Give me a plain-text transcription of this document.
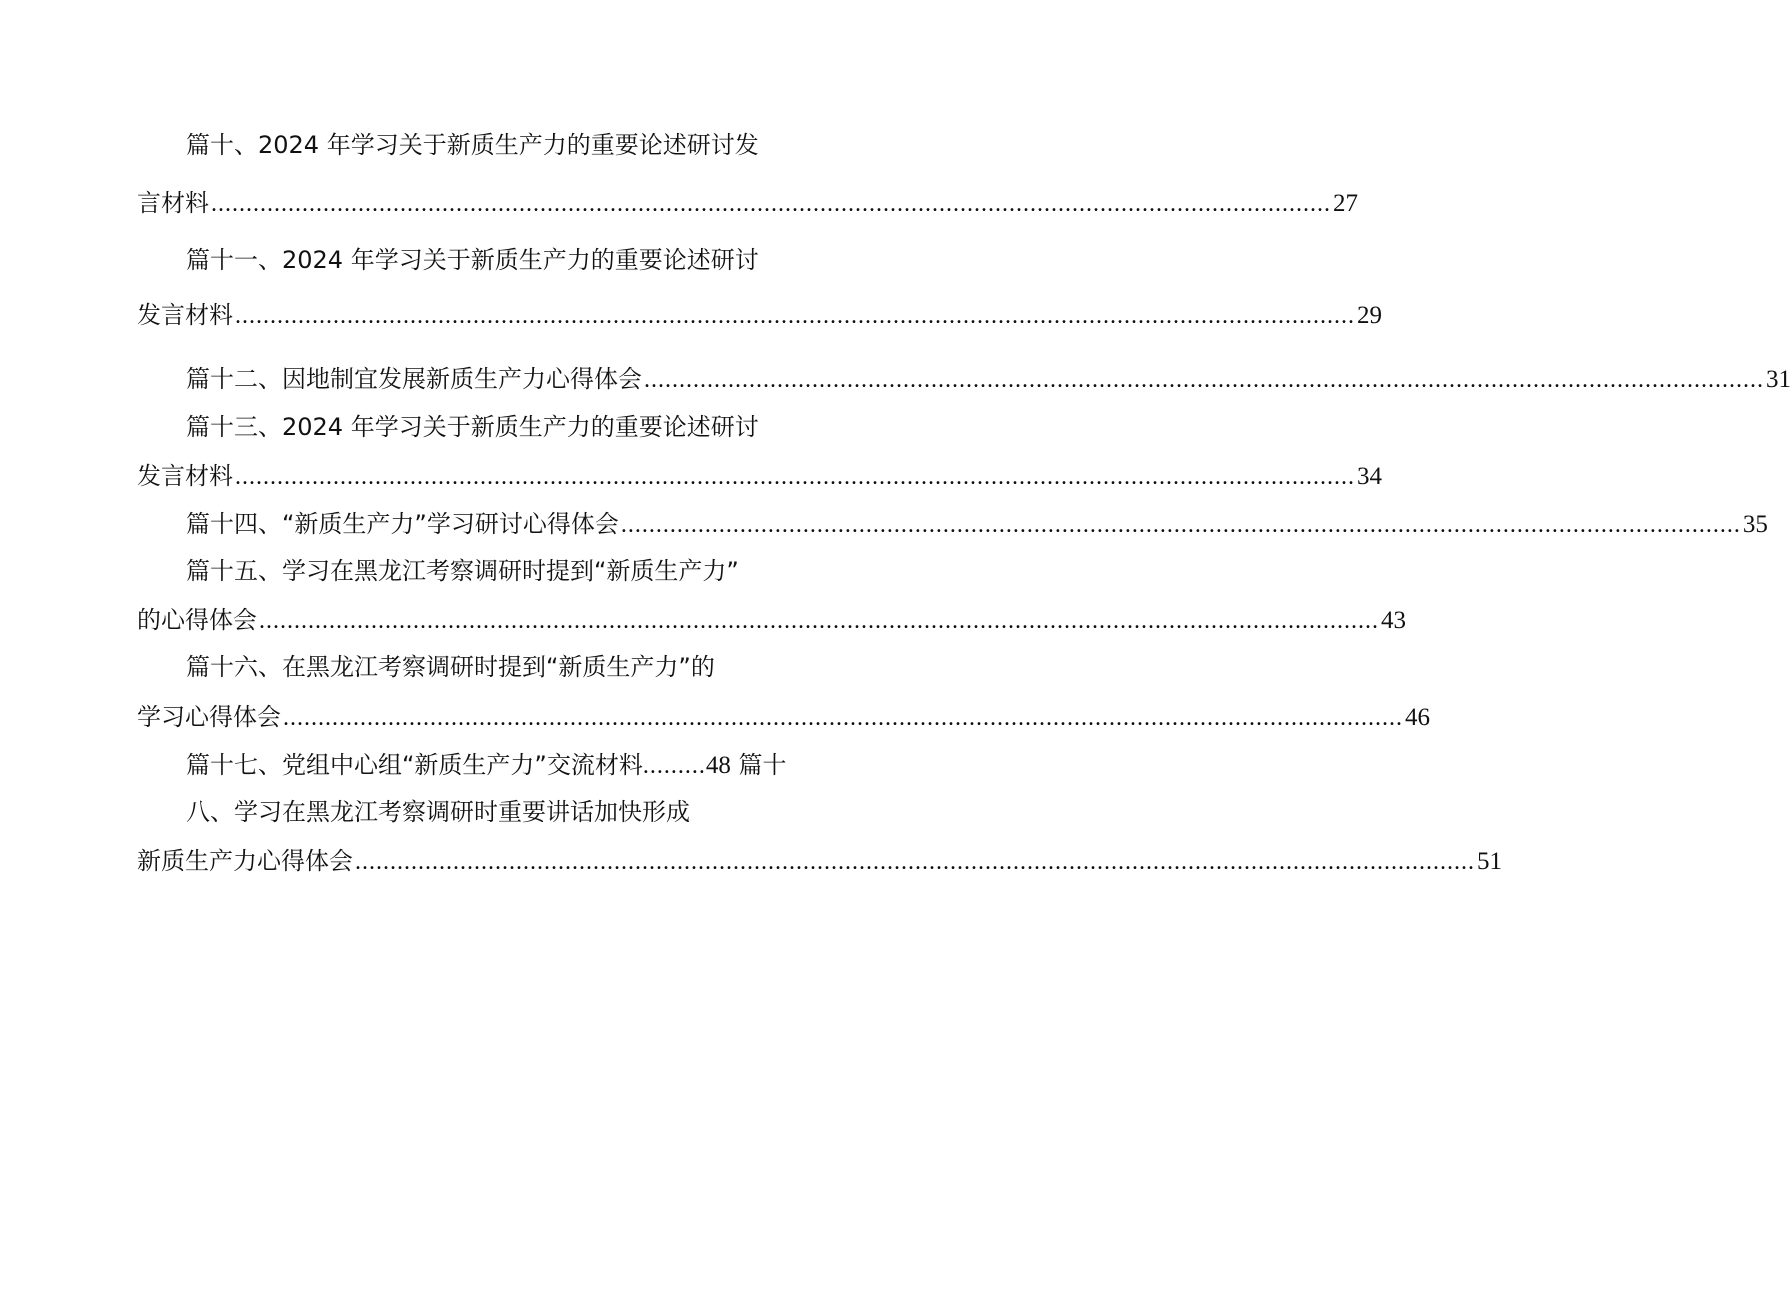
篇十、2024 年学习关于新质生产力的重要论述研讨发
言材料 ................................................................................................................................................................ 27
篇十一、2024 年学习关于新质生产力的重要论述研讨
发言材料 ................................................................................................................................................................ 29
篇十二、因地制宜发展新质生产力心得体会 ................................................................................................................................................................ 31
篇十三、2024 年学习关于新质生产力的重要论述研讨
发言材料 ................................................................................................................................................................ 34
篇十四、“新质生产力”学习研讨心得体会 ................................................................................................................................................................ 35
篇十五、学习在黑龙江考察调研时提到“新质生产力”
的心得体会 ................................................................................................................................................................ 43
篇十六、在黑龙江考察调研时提到“新质生产力”的
学习心得体会 ................................................................................................................................................................ 46
篇十七、党组中心组“新质生产力”交流材料.........48 篇十
八、学习在黑龙江考察调研时重要讲话加快形成
新质生产力心得体会 ................................................................................................................................................................ 51
